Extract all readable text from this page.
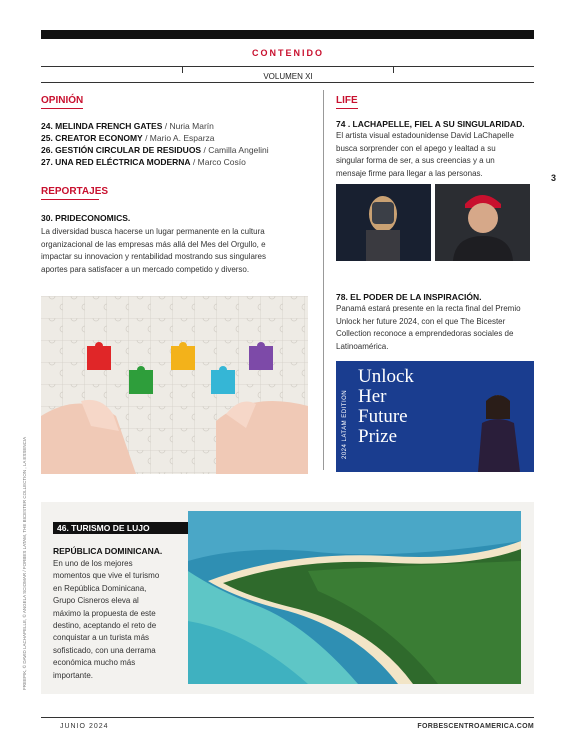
CONTENIDO
VOLUMEN XI
OPINIÓN
24. MELINDA FRENCH GATES / Nuria Marín
25. CREATOR ECONOMY / Mario A. Esparza
26. GESTIÓN CIRCULAR DE RESIDUOS / Camilla Angelini
27. UNA RED ELÉCTRICA MODERNA / Marco Cosío
REPORTAJES
30. PRIDECONOMICS.
La diversidad busca hacerse un lugar permanente en la cultura
organizacional de las empresas más allá del Mes del Orgullo, e
impactar su innovacion y rentabilidad mostrando sus singulares
aportes para satisfacer a un mercado competido y diverso.
LIFE
74 . LACHAPELLE, FIEL A SU SINGULARIDAD.
El artista visual estadounidense David LaChapelle
busca sorprender con el apego y lealtad a su
singular forma de ser, a sus creencias y a un
mensaje firme para llegar a las personas.	3
78. EL PODER DE LA INSPIRACIÓN.
Panamá estará presente en la recta final del Premio
Unlock her future 2024, con el que The Bicester
Collection reconoce a emprendedoras sociales de
Latinoamérica.
Unlock
Her
Future
Prize
2024 LATAM EDITION
FREEPIK, © DAVID LACHAPELLE, © ANGELA SCIOMAR / FORBES LATAM, THE BICESTER COLLECTION , LA ESSENCIA	46. TURISMO DE LUJO
REPÚBLICA DOMINICANA.
En uno de los mejores
momentos que vive el turismo
en República Dominicana,
Grupo Cisneros eleva al
máximo la propuesta de este
destino, aceptando el reto de
conquistar a un turista más
sofisticado, con una derrama
económica mucho más
importante.
JUNIO 2024	FORBESCENTROAMERICA.COM
